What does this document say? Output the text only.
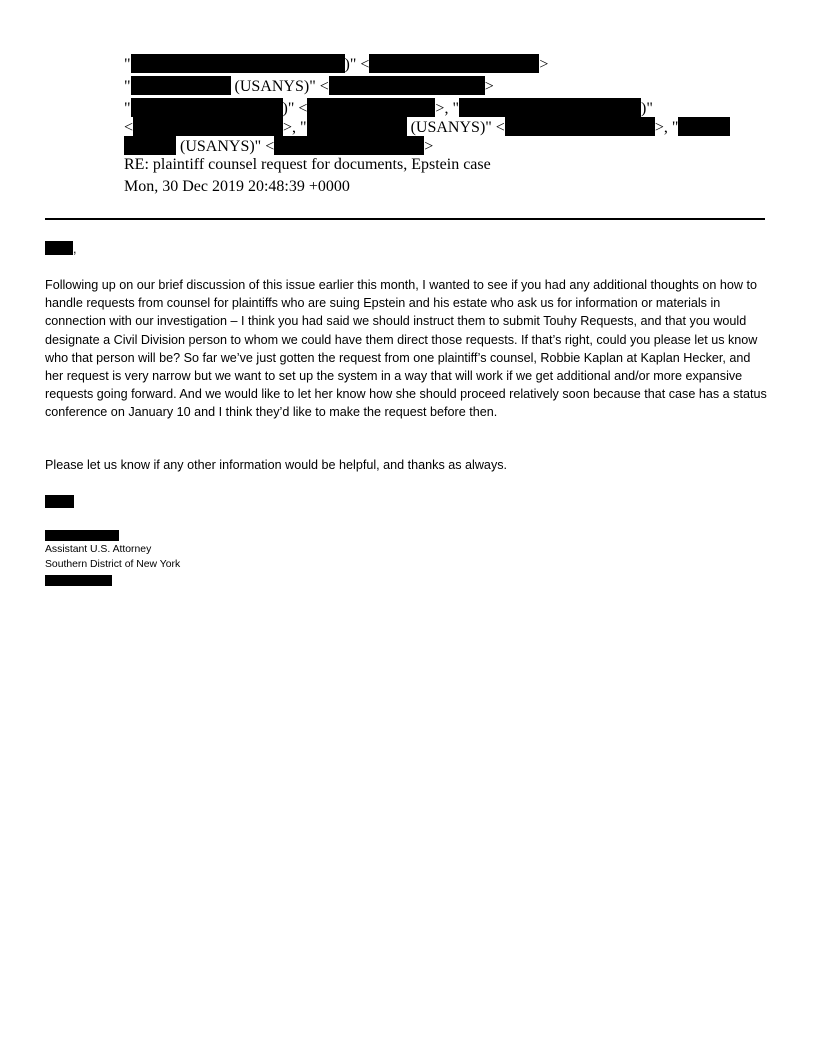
"	)" <	>
"	(USANYS)" <	>
"	)" <	>, "	)"
<	>, "	(USANYS)" <	>, "
(USANYS)" <	>
RE: plaintiff counsel request for documents, Epstein case
Mon, 30 Dec 2019 20:48:39 +0000
,
Following up on our brief discussion of this issue earlier this month, I wanted to see if you had any additional thoughts on how to handle requests from counsel for plaintiffs who are suing Epstein and his estate who ask us for information or materials in connection with our investigation – I think you had said we should instruct them to submit Touhy Requests, and that you would designate a Civil Division person to whom we could have them direct those requests. If that’s right, could you please let us know who that person will be? So far we’ve just gotten the request from one plaintiff’s counsel, Robbie Kaplan at Kaplan Hecker, and her request is very narrow but we want to set up the system in a way that will work if we get additional and/or more expansive requests going forward. And we would like to let her know how she should proceed relatively soon because that case has a status conference on January 10 and I think they’d like to make the request before then.
Please let us know if any other information would be helpful, and thanks as always.
Assistant U.S. Attorney
Southern District of New York
